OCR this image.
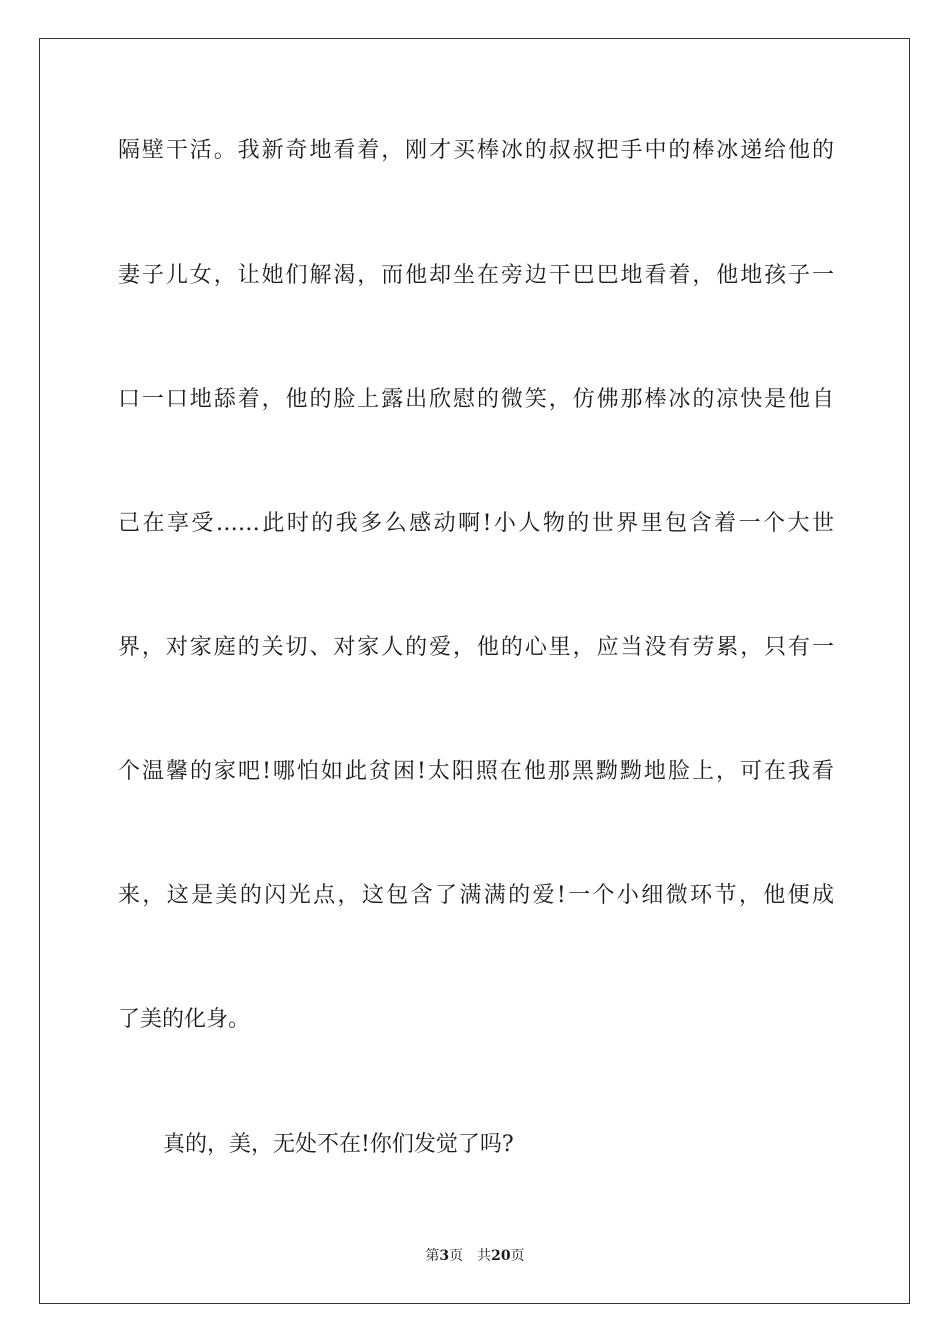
隔壁干活。我新奇地看着，刚才买棒冰的叔叔把手中的棒冰递给他的
妻子儿女，让她们解渴，而他却坐在旁边干巴巴地看着，他地孩子一
口一口地舔着，他的脸上露出欣慰的微笑，仿佛那棒冰的凉快是他自
己在享受……此时的我多么感动啊!小人物的世界里包含着一个大世
界，对家庭的关切、对家人的爱，他的心里，应当没有劳累，只有一
个温馨的家吧!哪怕如此贫困!太阳照在他那黑黝黝地脸上，可在我看
来，这是美的闪光点，这包含了满满的爱!一个小细微环节，他便成
了美的化身。
真的，美，无处不在!你们发觉了吗?
第3页 共20页
